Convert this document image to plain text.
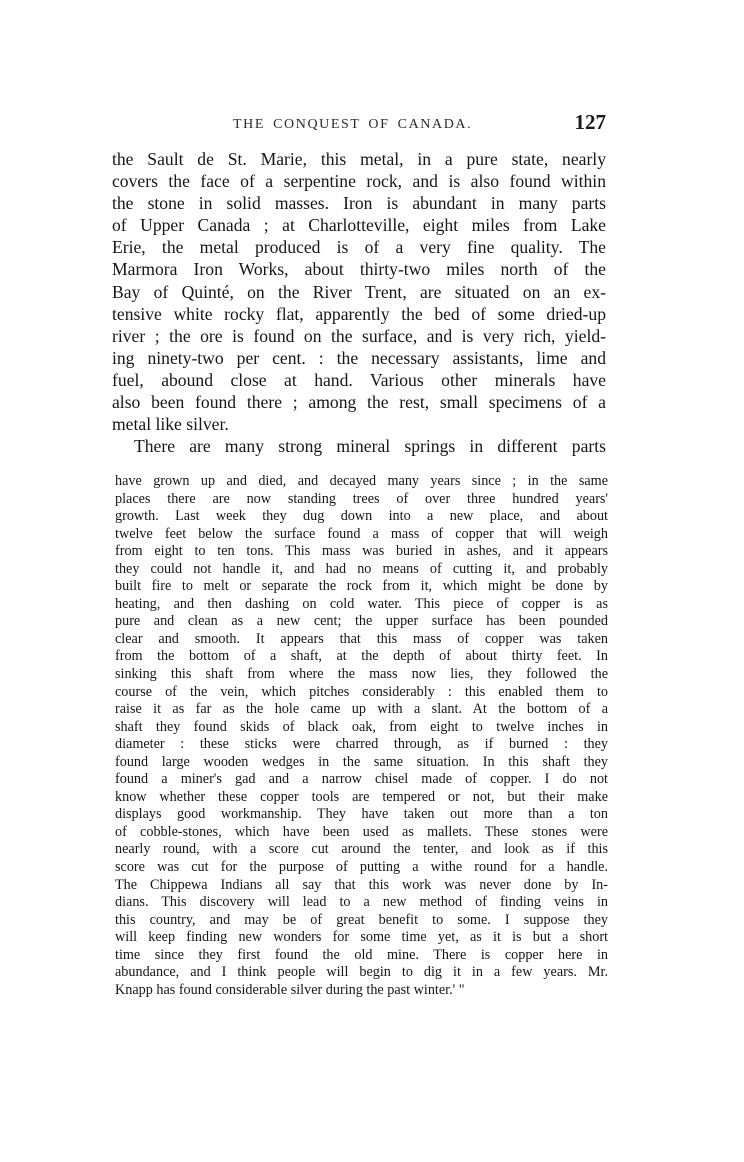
THE CONQUEST OF CANADA.	127
the Sault de St. Marie, this metal, in a pure state, nearly
covers the face of a serpentine rock, and is also found within
the stone in solid masses. Iron is abundant in many parts
of Upper Canada ; at Charlotteville, eight miles from Lake
Erie, the metal produced is of a very fine quality. The
Marmora Iron Works, about thirty-two miles north of the
Bay of Quinté, on the River Trent, are situated on an ex-
tensive white rocky flat, apparently the bed of some dried-up
river ; the ore is found on the surface, and is very rich, yield-
ing ninety-two per cent. : the necessary assistants, lime and
fuel, abound close at hand. Various other minerals have
also been found there ; among the rest, small specimens of a
metal like silver.
There are many strong mineral springs in different parts
have grown up and died, and decayed many years since ; in the same
places there are now standing trees of over three hundred years'
growth. Last week they dug down into a new place, and about
twelve feet below the surface found a mass of copper that will weigh
from eight to ten tons. This mass was buried in ashes, and it appears
they could not handle it, and had no means of cutting it, and probably
built fire to melt or separate the rock from it, which might be done by
heating, and then dashing on cold water. This piece of copper is as
pure and clean as a new cent; the upper surface has been pounded
clear and smooth. It appears that this mass of copper was taken
from the bottom of a shaft, at the depth of about thirty feet. In
sinking this shaft from where the mass now lies, they followed the
course of the vein, which pitches considerably : this enabled them to
raise it as far as the hole came up with a slant. At the bottom of a
shaft they found skids of black oak, from eight to twelve inches in
diameter : these sticks were charred through, as if burned : they
found large wooden wedges in the same situation. In this shaft they
found a miner's gad and a narrow chisel made of copper. I do not
know whether these copper tools are tempered or not, but their make
displays good workmanship. They have taken out more than a ton
of cobble-stones, which have been used as mallets. These stones were
nearly round, with a score cut around the tenter, and look as if this
score was cut for the purpose of putting a withe round for a handle.
The Chippewa Indians all say that this work was never done by In-
dians. This discovery will lead to a new method of finding veins in
this country, and may be of great benefit to some. I suppose they
will keep finding new wonders for some time yet, as it is but a short
time since they first found the old mine. There is copper here in
abundance, and I think people will begin to dig it in a few years. Mr.
Knapp has found considerable silver during the past winter.' "
